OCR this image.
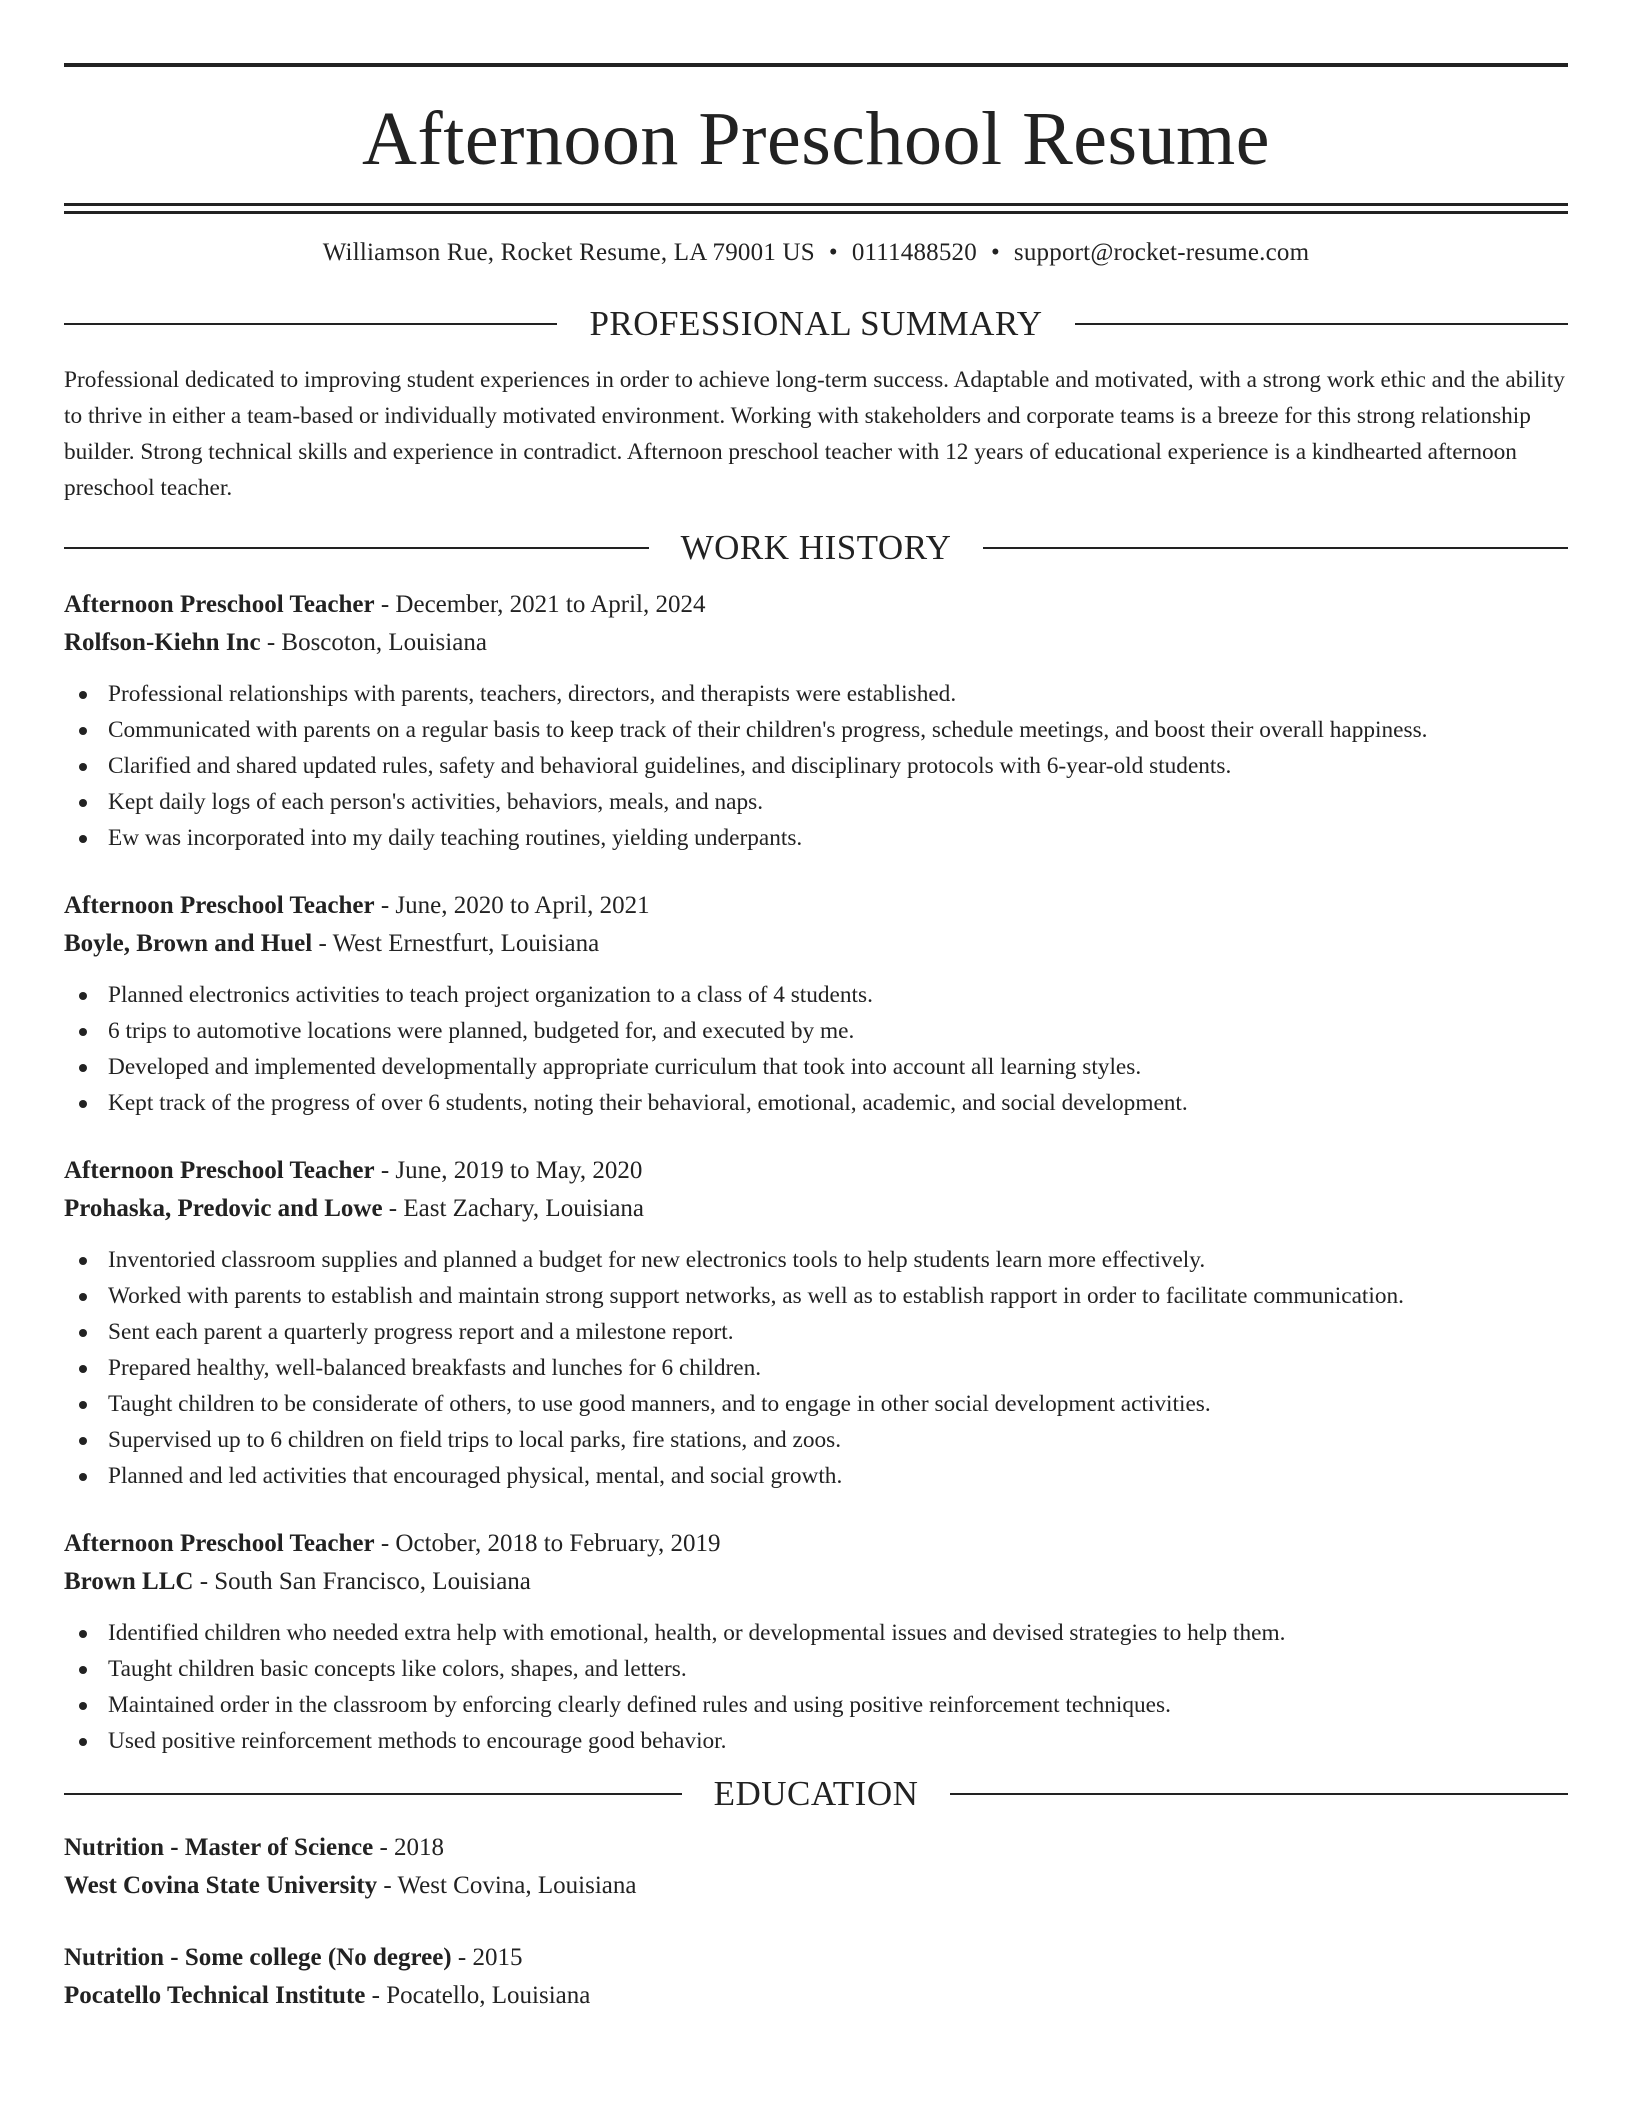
Afternoon Preschool Resume
Williamson Rue, Rocket Resume, LA 79001 US • 0111488520 • support@rocket-resume.com
PROFESSIONAL SUMMARY

Professional dedicated to improving student experiences in order to achieve long-term success. Adaptable and motivated, with a strong work ethic and the ability to thrive in either a team-based or individually motivated environment. Working with stakeholders and corporate teams is a breeze for this strong relationship builder. Strong technical skills and experience in contradict. Afternoon preschool teacher with 12 years of educational experience is a kindhearted afternoon preschool teacher.

WORK HISTORY
Afternoon Preschool Teacher - December, 2021 to April, 2024
Rolfson-Kiehn Inc - Boscoton, Louisiana
Professional relationships with parents, teachers, directors, and therapists were established.
Communicated with parents on a regular basis to keep track of their children's progress, schedule meetings, and boost their overall happiness.
Clarified and shared updated rules, safety and behavioral guidelines, and disciplinary protocols with 6-year-old students.
Kept daily logs of each person's activities, behaviors, meals, and naps.
Ew was incorporated into my daily teaching routines, yielding underpants.
Afternoon Preschool Teacher - June, 2020 to April, 2021
Boyle, Brown and Huel - West Ernestfurt, Louisiana
Planned electronics activities to teach project organization to a class of 4 students.
6 trips to automotive locations were planned, budgeted for, and executed by me.
Developed and implemented developmentally appropriate curriculum that took into account all learning styles.
Kept track of the progress of over 6 students, noting their behavioral, emotional, academic, and social development.
Afternoon Preschool Teacher - June, 2019 to May, 2020
Prohaska, Predovic and Lowe - East Zachary, Louisiana
Inventoried classroom supplies and planned a budget for new electronics tools to help students learn more effectively.
Worked with parents to establish and maintain strong support networks, as well as to establish rapport in order to facilitate communication.
Sent each parent a quarterly progress report and a milestone report.
Prepared healthy, well-balanced breakfasts and lunches for 6 children.
Taught children to be considerate of others, to use good manners, and to engage in other social development activities.
Supervised up to 6 children on field trips to local parks, fire stations, and zoos.
Planned and led activities that encouraged physical, mental, and social growth.
Afternoon Preschool Teacher - October, 2018 to February, 2019
Brown LLC - South San Francisco, Louisiana
Identified children who needed extra help with emotional, health, or developmental issues and devised strategies to help them.
Taught children basic concepts like colors, shapes, and letters.
Maintained order in the classroom by enforcing clearly defined rules and using positive reinforcement techniques.
Used positive reinforcement methods to encourage good behavior.
EDUCATION
Nutrition - Master of Science - 2018
West Covina State University - West Covina, Louisiana
Nutrition - Some college (No degree) - 2015
Pocatello Technical Institute - Pocatello, Louisiana
